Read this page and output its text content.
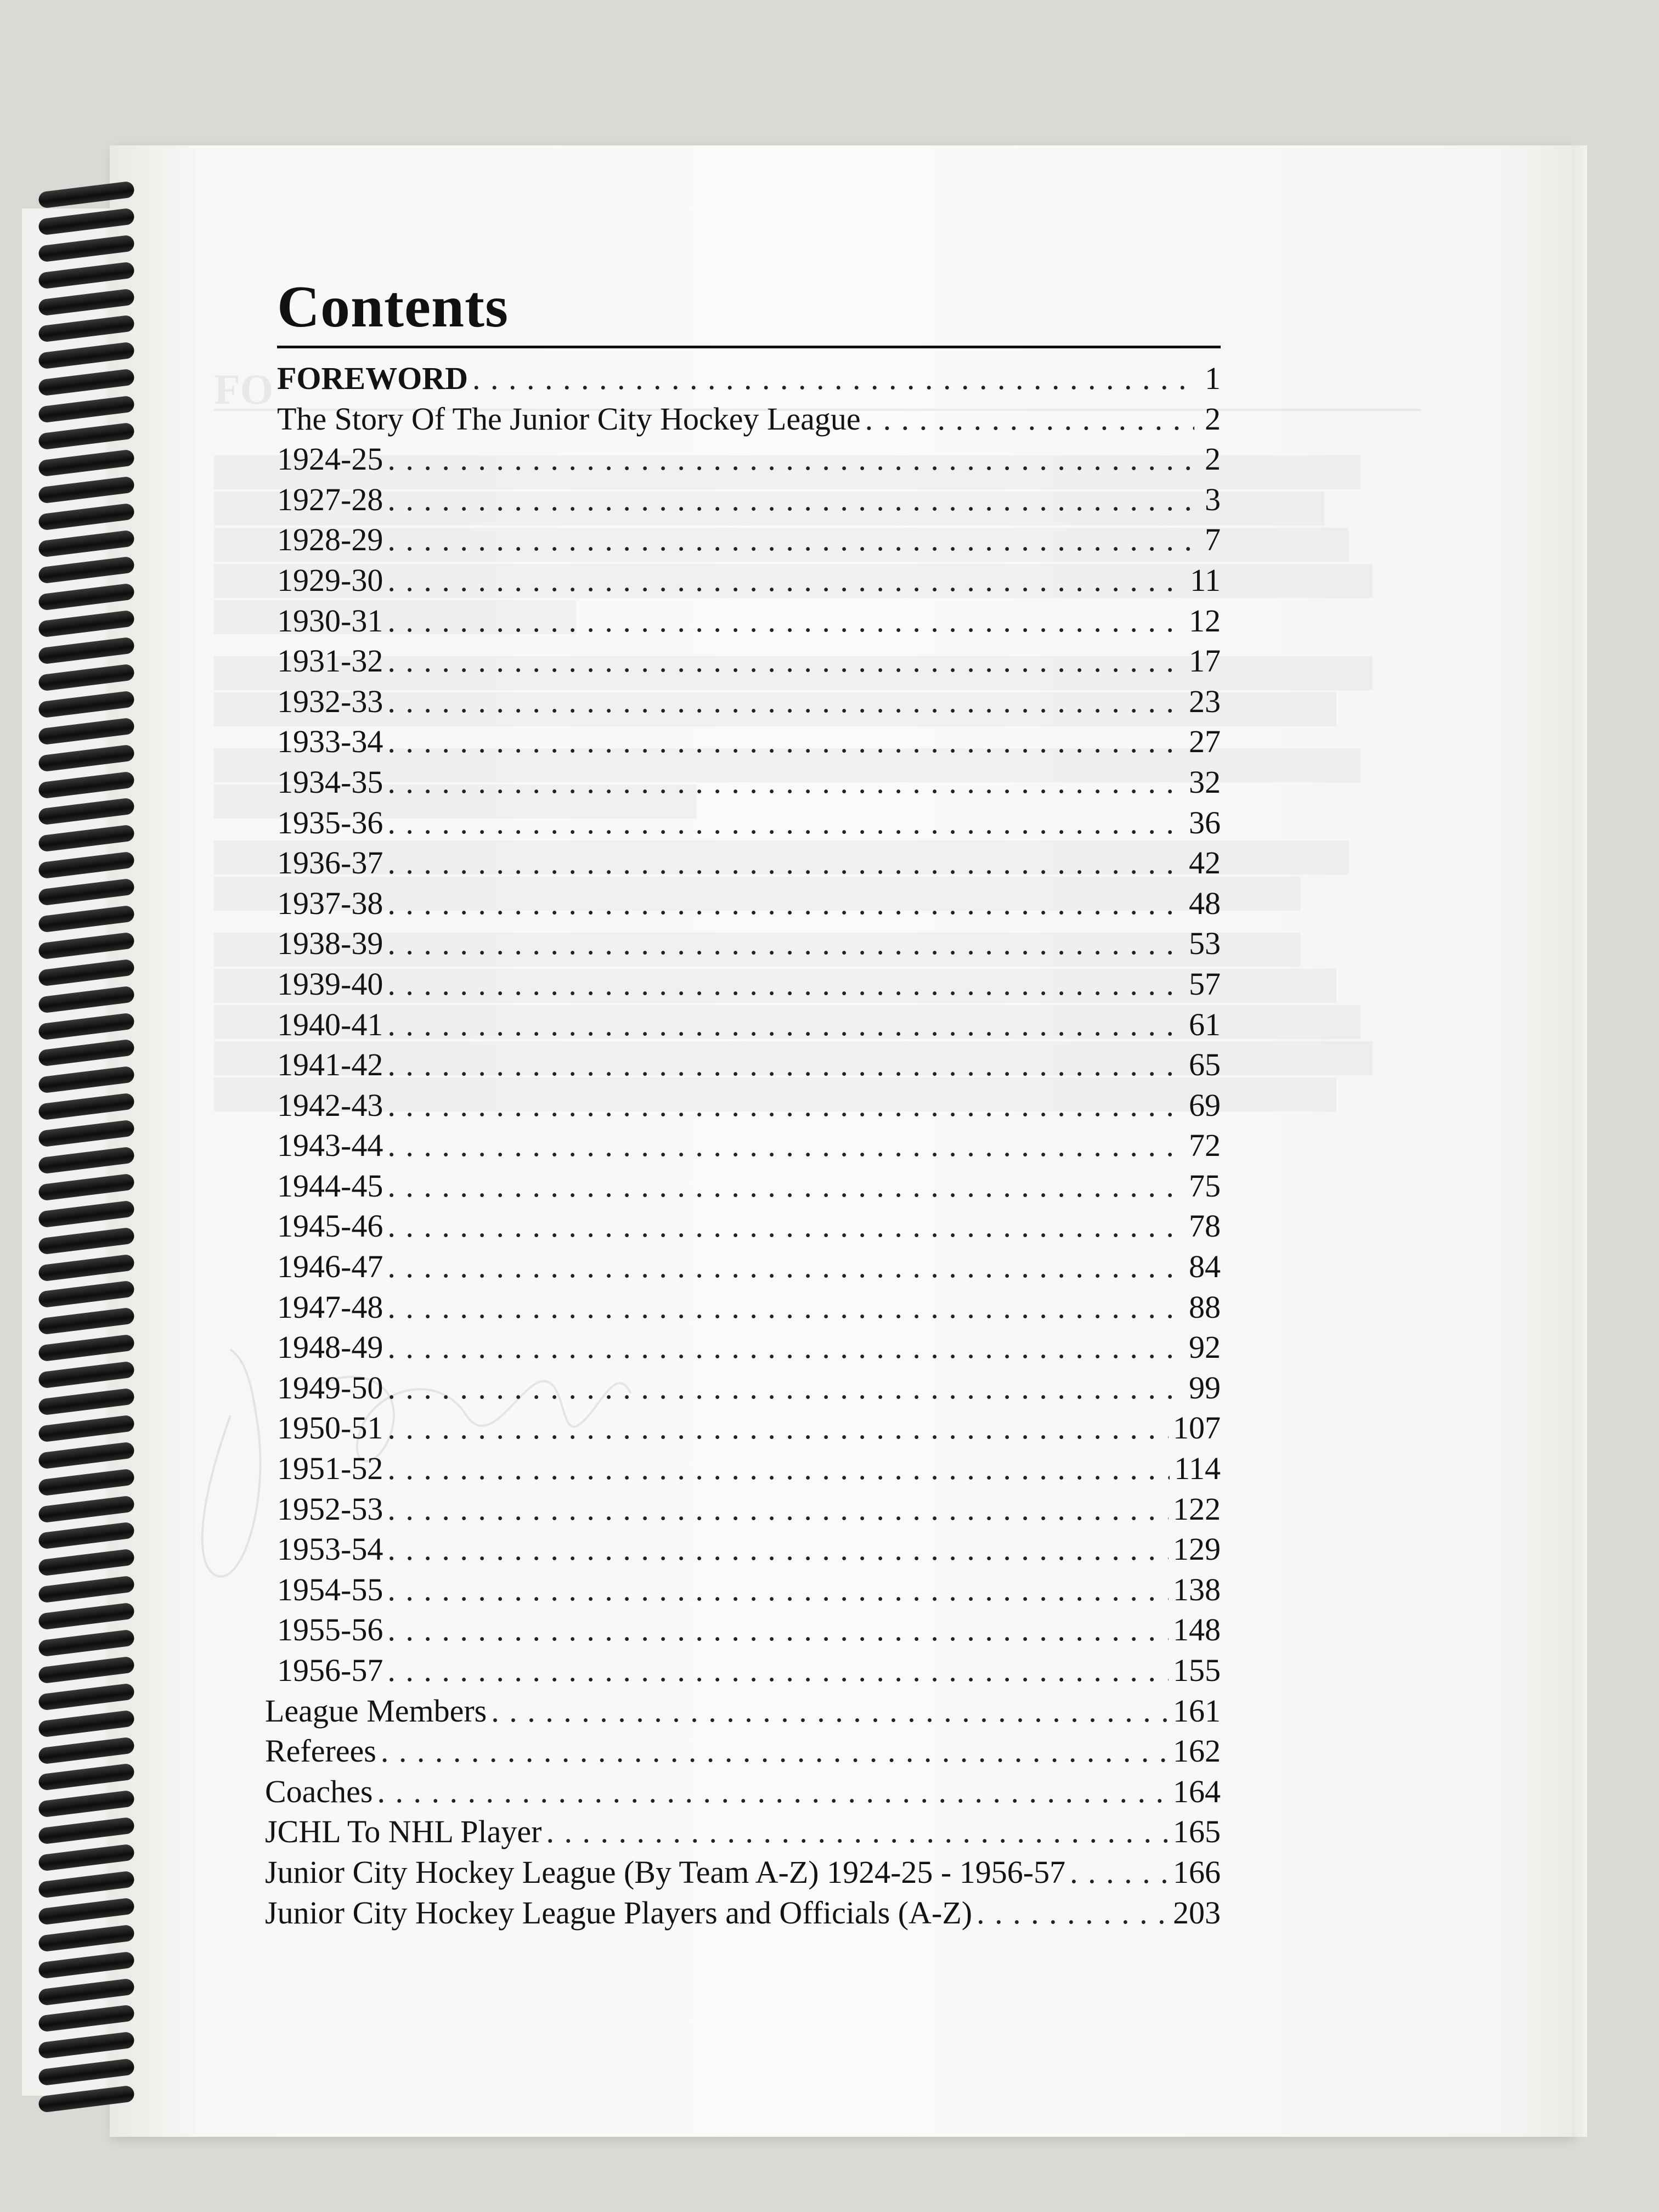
FO
Contents
FOREWORD . . .	1
The Story Of The Junior City Hockey League . . .	2
1924-25 . . .	2
1927-28 . . .	3
1928-29 . . .	7
1929-30 . . .	11
1930-31 . . .	12
1931-32 . . .	17
1932-33 . . .	23
1933-34 . . .	27
1934-35 . . .	32
1935-36 . . .	36
1936-37 . . .	42
1937-38 . . .	48
1938-39 . . .	53
1939-40 . . .	57
1940-41 . . .	61
1941-42 . . .	65
1942-43 . . .	69
1943-44 . . .	72
1944-45 . . .	75
1945-46 . . .	78
1946-47 . . .	84
1947-48 . . .	88
1948-49 . . .	92
1949-50 . . .	99
1950-51 . . .	107
1951-52 . . .	114
1952-53 . . .	122
1953-54 . . .	129
1954-55 . . .	138
1955-56 . . .	148
1956-57 . . .	155
League Members . . .	161
Referees . . .	162
Coaches . . .	164
JCHL To NHL Player . . .	165
Junior City Hockey League (By Team A-Z) 1924-25 - 1956-57 . . .	166
Junior City Hockey League Players and Officials (A-Z) . . .	203
